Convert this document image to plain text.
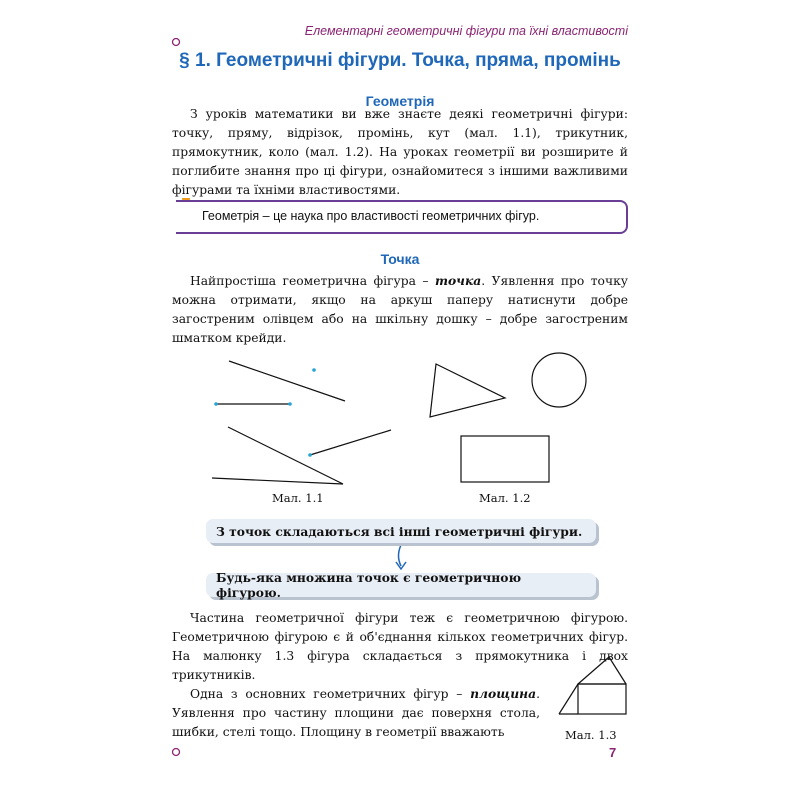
Елементарні геометричні фігури та їхні властивості
§ 1. Геометричні фігури. Точка, пряма, промінь
Геометрія

З уроків математики ви вже знаєте деякі геометричні фігури: точку, пряму, відрізок, промінь, кут (мал. 1.1), трикутник, прямокутник, коло (мал. 1.2). На уроках геометрії ви розширите й поглибите знання про ці фігури, ознайомитеся з іншими важливими фігурами та їхніми властивостями.

Геометрія – це наука про властивості геометричних фігур.
Точка

Найпростіша геометрична фігура – точка. Уявлення про точку можна отримати, якщо на аркуш паперу натиснути добре загостреним олівцем або на шкільну дошку – добре загостреним шматком крейди.

Мал. 1.1	Мал. 1.2
З точок складаються всі інші геометричні фігури.
Будь-яка множина точок є геометричною фігурою.

Частина геометричної фігури теж є геометричною фігурою. Геометричною фігурою є й об'єднання кількох геометричних фігур. На малюнку 1.3 фігура складається з прямокутника і двох трикутників.

Одна з основних геометричних фігур – площина. Уявлення про частину площини дає поверхня стола, шибки, стелі тощо. Площину в геометрії вважають	Мал. 1.3
7
